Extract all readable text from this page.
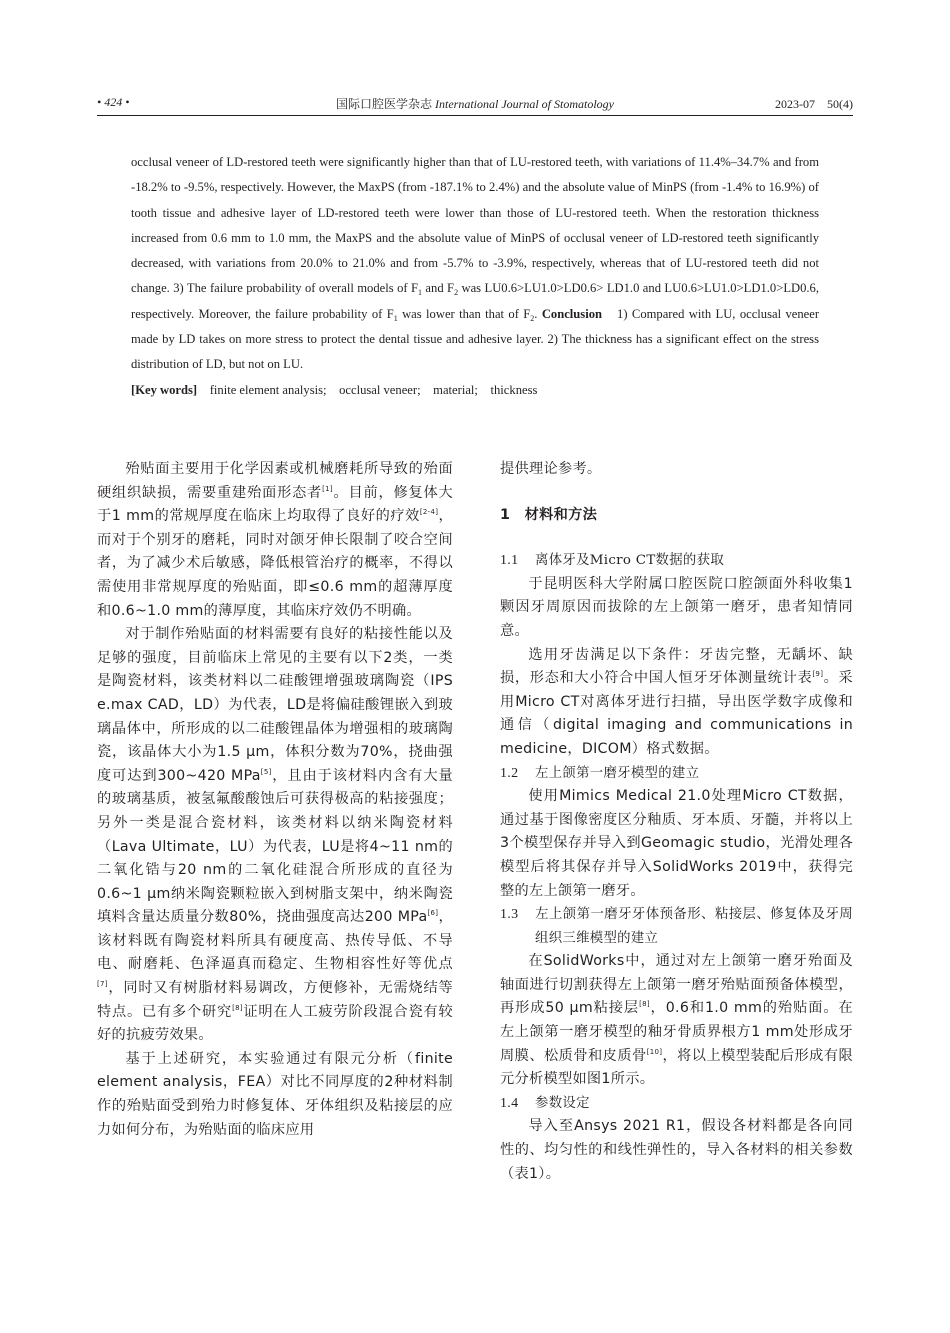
• 424 •	国际口腔医学杂志 International Journal of Stomatology	2023-07　50(4)

occlusal veneer of LD-restored teeth were significantly higher than that of LU-restored teeth, with variations of 11.4%–34.7% and from -18.2% to -9.5%, respectively. However, the MaxPS (from -187.1% to 2.4%) and the absolute value of MinPS (from -1.4% to 16.9%) of tooth tissue and adhesive layer of LD-restored teeth were lower than those of LU-restored teeth. When the restoration thickness increased from 0.6 mm to 1.0 mm, the MaxPS and the absolute value of MinPS of occlusal veneer of LD-restored teeth significantly decreased, with variations from 20.0% to 21.0% and from -5.7% to -3.9%, respectively, whereas that of LU-restored teeth did not change. 3) The failure probability of overall models of $F_1$ and $F_2$ was LU0.6>LU1.0>LD0.6> LD1.0 and LU0.6>LU1.0>LD1.0>LD0.6, respectively. Moreover, the failure probability of $F_1$ was lower than that of $F_2$. Conclusion　1) Compared with LU, occlusal veneer made by LD takes on more stress to protect the dental tissue and adhesive layer. 2) The thickness has a significant effect on the stress distribution of LD, but not on LU.

[Key words]　finite element analysis;　occlusal veneer;　material;　thickness

殆贴面主要用于化学因素或机械磨耗所导致的殆面硬组织缺损，需要重建殆面形态者[1]。目前，修复体大于1 mm的常规厚度在临床上均取得了良好的疗效[2-4]，而对于个别牙的磨耗，同时对颌牙伸长限制了咬合空间者，为了减少术后敏感，降低根管治疗的概率，不得以需使用非常规厚度的殆贴面，即≤0.6 mm的超薄厚度和0.6~1.0 mm的薄厚度，其临床疗效仍不明确。

对于制作殆贴面的材料需要有良好的粘接性能以及足够的强度，目前临床上常见的主要有以下2类，一类是陶瓷材料，该类材料以二硅酸锂增强玻璃陶瓷（IPS e.max CAD，LD）为代表，LD是将偏硅酸锂嵌入到玻璃晶体中，所形成的以二硅酸锂晶体为增强相的玻璃陶瓷，该晶体大小为1.5 μm，体积分数为70%，挠曲强度可达到300~420 MPa[5]，且由于该材料内含有大量的玻璃基质，被氢氟酸酸蚀后可获得极高的粘接强度；另外一类是混合瓷材料，该类材料以纳米陶瓷材料（Lava Ultimate，LU）为代表，LU是将4~11 nm的二氧化锆与20 nm的二氧化硅混合所形成的直径为0.6~1 μm纳米陶瓷颗粒嵌入到树脂支架中，纳米陶瓷填料含量达质量分数80%，挠曲强度高达200 MPa[6]，该材料既有陶瓷材料所具有硬度高、热传导低、不导电、耐磨耗、色泽逼真而稳定、生物相容性好等优点[7]，同时又有树脂材料易调改，方便修补，无需烧结等特点。已有多个研究[8]证明在人工疲劳阶段混合瓷有较好的抗疲劳效果。

基于上述研究，本实验通过有限元分析（finite element analysis，FEA）对比不同厚度的2种材料制作的殆贴面受到殆力时修复体、牙体组织及粘接层的应力如何分布，为殆贴面的临床应用

提供理论参考。

1　材料和方法

1.1 离体牙及Micro CT数据的获取

于昆明医科大学附属口腔医院口腔颌面外科收集1颗因牙周原因而拔除的左上颌第一磨牙，患者知情同意。

选用牙齿满足以下条件：牙齿完整，无龋坏、缺损，形态和大小符合中国人恒牙牙体测量统计表[9]。采用Micro CT对离体牙进行扫描，导出医学数字成像和通信（digital imaging and communications in medicine，DICOM）格式数据。

1.2 左上颌第一磨牙模型的建立

使用Mimics Medical 21.0处理Micro CT数据，通过基于图像密度区分釉质、牙本质、牙髓，并将以上3个模型保存并导入到Geomagic studio，光滑处理各模型后将其保存并导入SolidWorks 2019中，获得完整的左上颌第一磨牙。

1.3 左上颌第一磨牙牙体预备形、粘接层、修复体及牙周组织三维模型的建立

在SolidWorks中，通过对左上颌第一磨牙殆面及轴面进行切割获得左上颌第一磨牙殆贴面预备体模型，再形成50 μm粘接层[8]，0.6和1.0 mm的殆贴面。在左上颌第一磨牙模型的釉牙骨质界根方1 mm处形成牙周膜、松质骨和皮质骨[10]，将以上模型装配后形成有限元分析模型如图1所示。

1.4 参数设定

导入至Ansys 2021 R1，假设各材料都是各向同性的、均匀性的和线性弹性的，导入各材料的相关参数（表1）。
